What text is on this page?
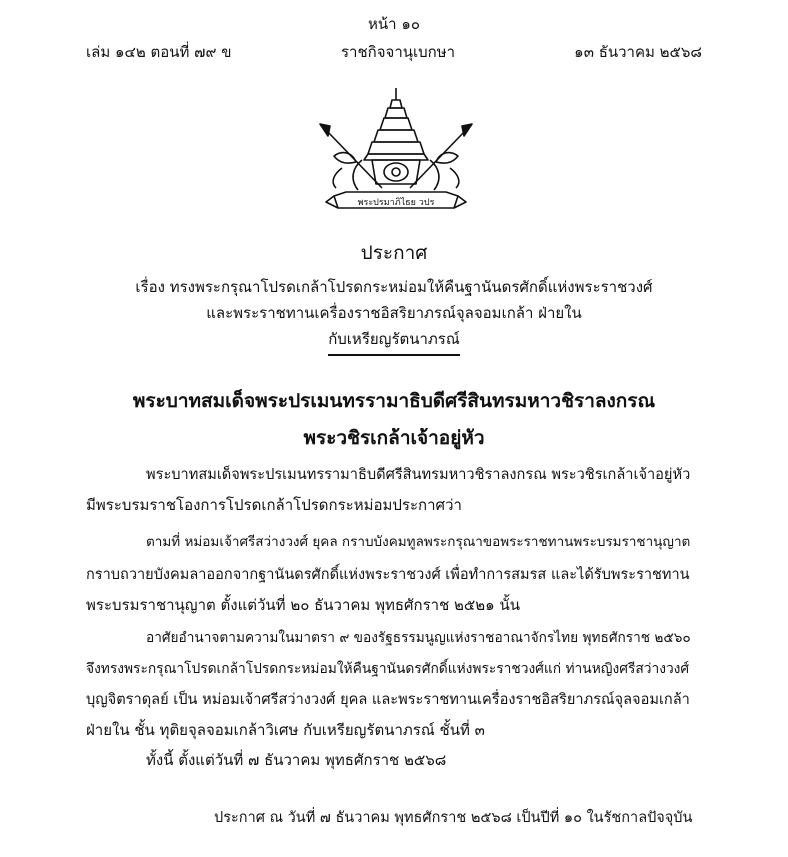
หน้า ๑๐
เล่ม ๑๔๒ ตอนที่ ๗๙ ข	ราชกิจจานุเบกษา	๑๓ ธันวาคม ๒๕๖๘
พระปรมาภิไธย วปร
ประกาศ
เรื่อง ทรงพระกรุณาโปรดเกล้าโปรดกระหม่อมให้คืนฐานันดรศักดิ์แห่งพระราชวงศ์
และพระราชทานเครื่องราชอิสริยาภรณ์จุลจอมเกล้า ฝ่ายใน
กับเหรียญรัตนาภรณ์
พระบาทสมเด็จพระปรเมนทรรามาธิบดีศรีสินทรมหาวชิราลงกรณ
พระวชิรเกล้าเจ้าอยู่หัว
พระบาทสมเด็จพระปรเมนทรรามาธิบดีศรีสินทรมหาวชิราลงกรณ พระวชิรเกล้าเจ้าอยู่หัว
มีพระบรมราชโองการโปรดเกล้าโปรดกระหม่อมประกาศว่า
ตามที่ หม่อมเจ้าศรีสว่างวงศ์ ยุคล กราบบังคมทูลพระกรุณาขอพระราชทานพระบรมราชานุญาต
กราบถวายบังคมลาออกจากฐานันดรศักดิ์แห่งพระราชวงศ์ เพื่อทำการสมรส และได้รับพระราชทาน
พระบรมราชานุญาต ตั้งแต่วันที่ ๒๐ ธันวาคม พุทธศักราช ๒๕๒๑ นั้น
อาศัยอำนาจตามความในมาตรา ๙ ของรัฐธรรมนูญแห่งราชอาณาจักรไทย พุทธศักราช ๒๕๖๐
จึงทรงพระกรุณาโปรดเกล้าโปรดกระหม่อมให้คืนฐานันดรศักดิ์แห่งพระราชวงศ์แก่ ท่านหญิงศรีสว่างวงศ์
บุญจิตราดุลย์ เป็น หม่อมเจ้าศรีสว่างวงศ์ ยุคล และพระราชทานเครื่องราชอิสริยาภรณ์จุลจอมเกล้า
ฝ่ายใน ชั้น ทุติยจุลจอมเกล้าวิเศษ กับเหรียญรัตนาภรณ์ ชั้นที่ ๓
ทั้งนี้ ตั้งแต่วันที่ ๗ ธันวาคม พุทธศักราช ๒๕๖๘
ประกาศ ณ วันที่ ๗ ธันวาคม พุทธศักราช ๒๕๖๘ เป็นปีที่ ๑๐ ในรัชกาลปัจจุบัน
